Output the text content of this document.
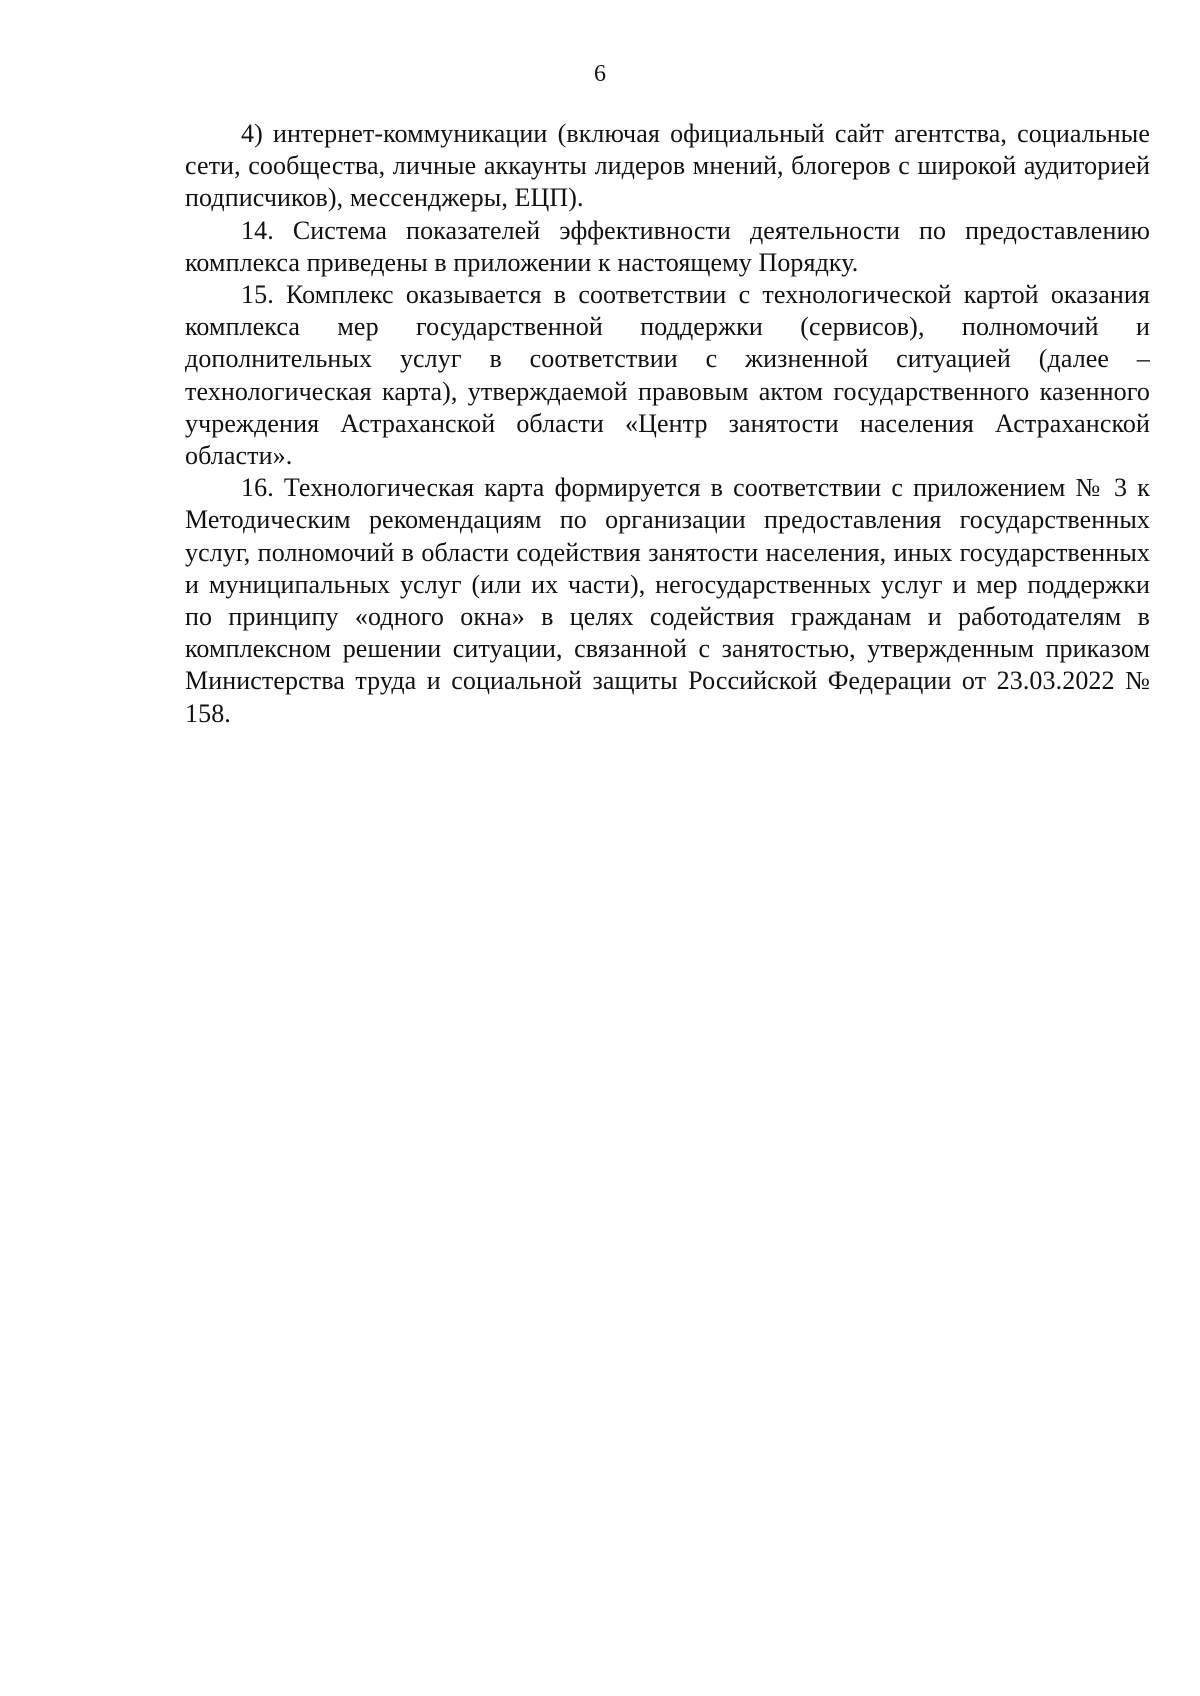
6

4) интернет-коммуникации (включая официальный сайт агентства, социальные сети, сообщества, личные аккаунты лидеров мнений, блогеров с широкой аудиторией подписчиков), мессенджеры, ЕЦП).

14. Система показателей эффективности деятельности по предоставлению комплекса приведены в приложении к настоящему Порядку.

15. Комплекс оказывается в соответствии с технологической картой оказания комплекса мер государственной поддержки (сервисов), полномочий и дополнительных услуг в соответствии с жизненной ситуацией (далее – технологическая карта), утверждаемой правовым актом государственного казенного учреждения Астраханской области «Центр занятости населения Астраханской области».

16. Технологическая карта формируется в соответствии с приложением № 3 к Методическим рекомендациям по организации предоставления государственных услуг, полномочий в области содействия занятости населения, иных государственных и муниципальных услуг (или их части), негосударственных услуг и мер поддержки по принципу «одного окна» в целях содействия гражданам и работодателям в комплексном решении ситуации, связанной с занятостью, утвержденным приказом Министерства труда и социальной защиты Российской Федерации от 23.03.2022 № 158.
